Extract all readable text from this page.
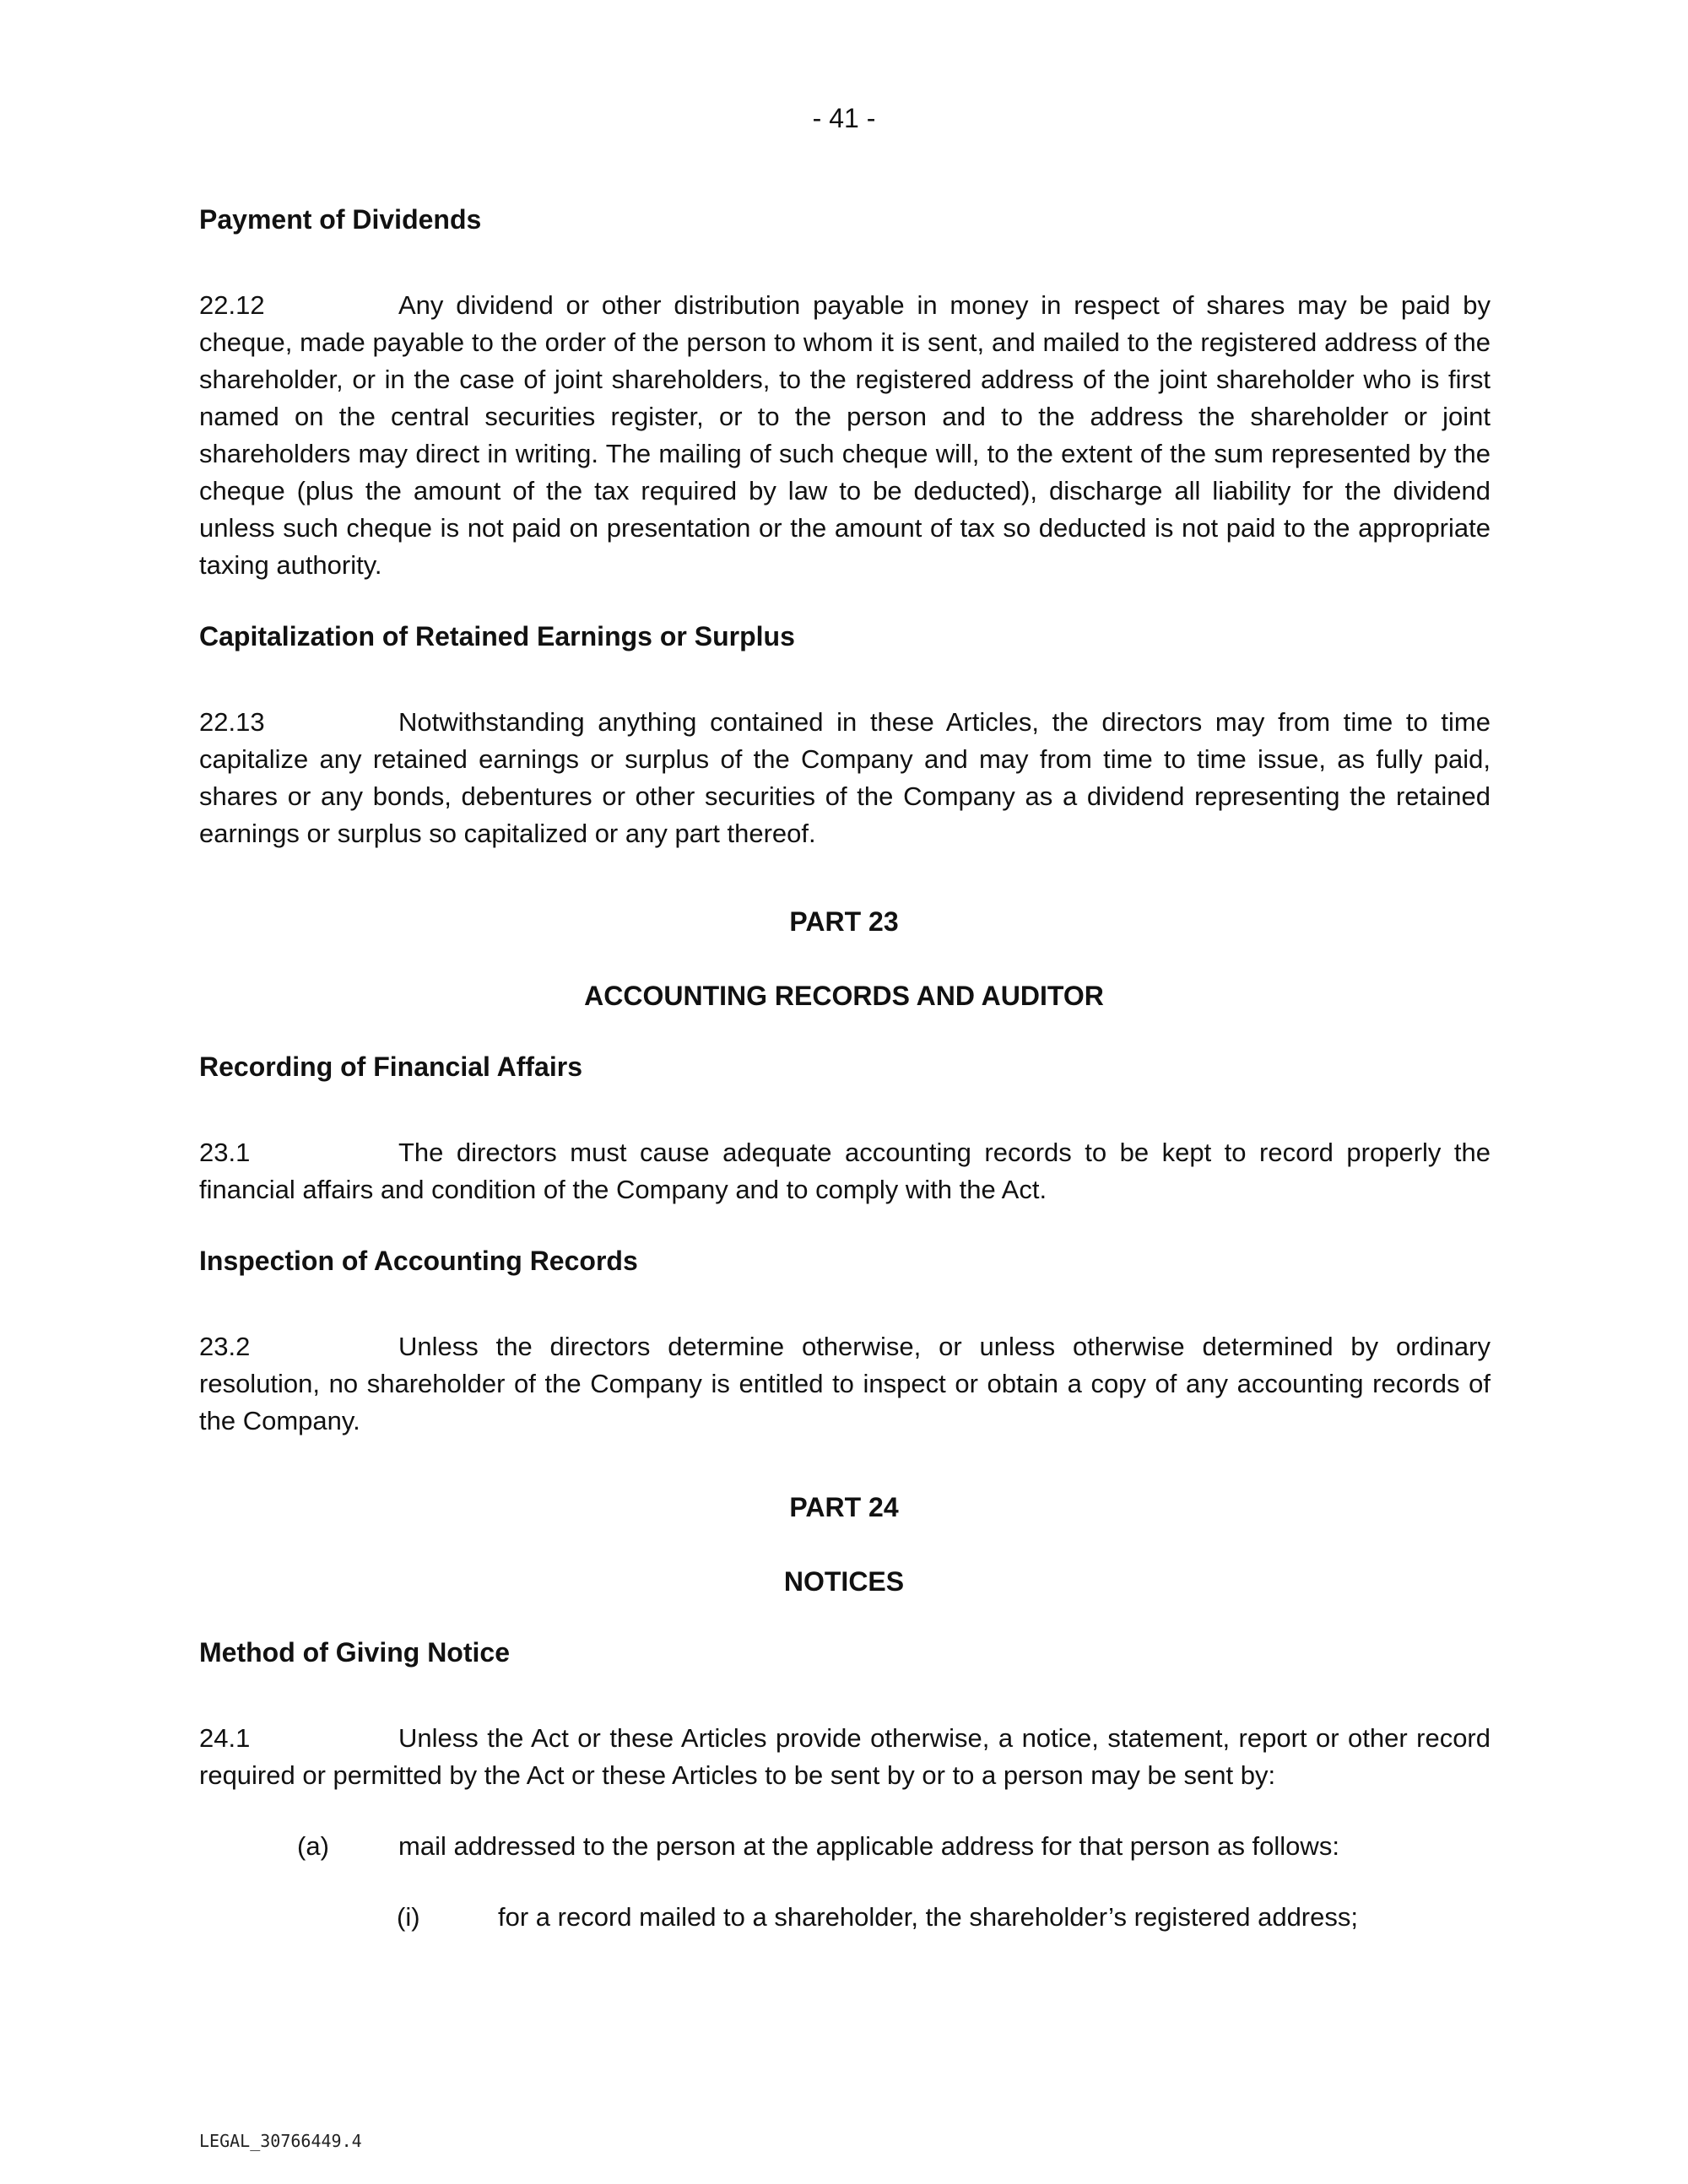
- 41 -
Payment of Dividends
22.12	Any dividend or other distribution payable in money in respect of shares may be paid by cheque, made payable to the order of the person to whom it is sent, and mailed to the registered address of the shareholder, or in the case of joint shareholders, to the registered address of the joint shareholder who is first named on the central securities register, or to the person and to the address the shareholder or joint shareholders may direct in writing. The mailing of such cheque will, to the extent of the sum represented by the cheque (plus the amount of the tax required by law to be deducted), discharge all liability for the dividend unless such cheque is not paid on presentation or the amount of tax so deducted is not paid to the appropriate taxing authority.
Capitalization of Retained Earnings or Surplus
22.13	Notwithstanding anything contained in these Articles, the directors may from time to time capitalize any retained earnings or surplus of the Company and may from time to time issue, as fully paid, shares or any bonds, debentures or other securities of the Company as a dividend representing the retained earnings or surplus so capitalized or any part thereof.
PART 23
ACCOUNTING RECORDS AND AUDITOR
Recording of Financial Affairs
23.1	The directors must cause adequate accounting records to be kept to record properly the financial affairs and condition of the Company and to comply with the Act.
Inspection of Accounting Records
23.2	Unless the directors determine otherwise, or unless otherwise determined by ordinary resolution, no shareholder of the Company is entitled to inspect or obtain a copy of any accounting records of the Company.
PART 24
NOTICES
Method of Giving Notice
24.1	Unless the Act or these Articles provide otherwise, a notice, statement, report or other record required or permitted by the Act or these Articles to be sent by or to a person may be sent by:
(a)	mail addressed to the person at the applicable address for that person as follows:
(i)	for a record mailed to a shareholder, the shareholder’s registered address;
LEGAL_30766449.4
